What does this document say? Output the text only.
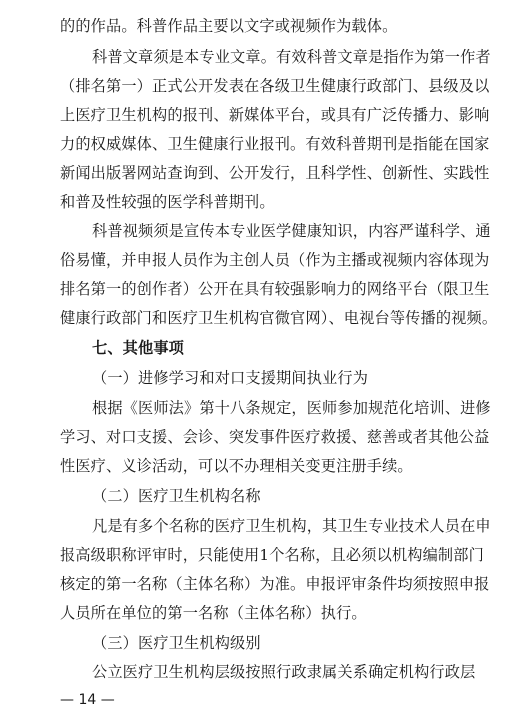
的的作品。科普作品主要以文字或视频作为载体。
科普文章须是本专业文章。有效科普文章是指作为第一作者
（排名第一）正式公开发表在各级卫生健康行政部门、县级及以
上医疗卫生机构的报刊、新媒体平台，或具有广泛传播力、影响
力的权威媒体、卫生健康行业报刊。有效科普期刊是指能在国家
新闻出版署网站查询到、公开发行，且科学性、创新性、实践性
和普及性较强的医学科普期刊。
科普视频须是宣传本专业医学健康知识，内容严谨科学、通
俗易懂，并申报人员作为主创人员（作为主播或视频内容体现为
排名第一的创作者）公开在具有较强影响力的网络平台（限卫生
健康行政部门和医疗卫生机构官微官网）、电视台等传播的视频。
七、其他事项
（一）进修学习和对口支援期间执业行为
根据《医师法》第十八条规定，医师参加规范化培训、进修
学习、对口支援、会诊、突发事件医疗救援、慈善或者其他公益
性医疗、义诊活动，可以不办理相关变更注册手续。
（二）医疗卫生机构名称
凡是有多个名称的医疗卫生机构，其卫生专业技术人员在申
报高级职称评审时，只能使用1个名称，且必须以机构编制部门
核定的第一名称（主体名称）为准。申报评审条件均须按照申报
人员所在单位的第一名称（主体名称）执行。
（三）医疗卫生机构级别
公立医疗卫生机构层级按照行政隶属关系确定机构行政层
— 14 —
